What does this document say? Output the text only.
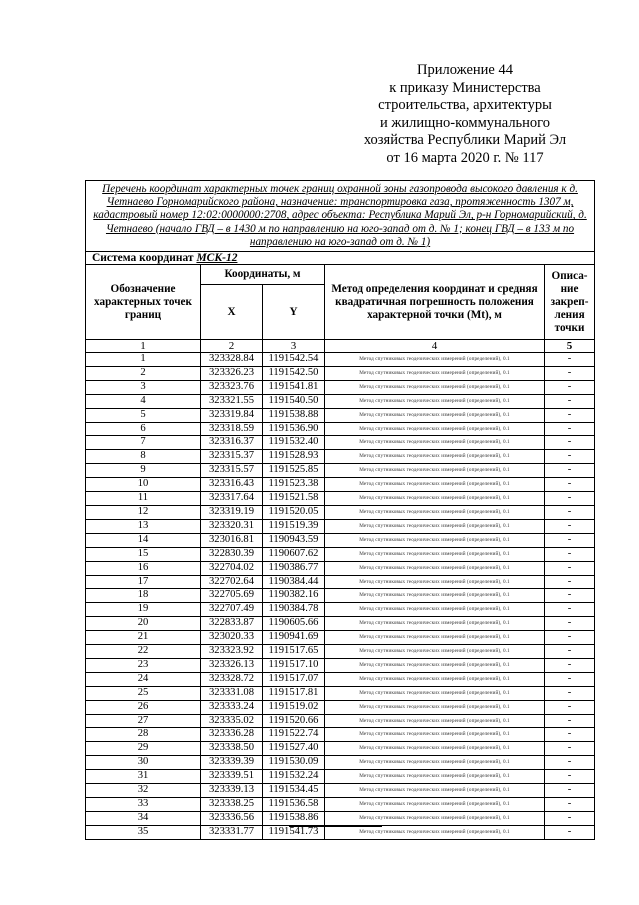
Приложение 44
к приказу Министерства
строительства, архитектуры
и жилищно-коммунального
хозяйства Республики Марий Эл
от 16 марта 2020 г. № 117
Перечень координат характерных точек границ охранной зоны газопровода высокого давления к д. Четнаево Горномарийского района, назначение: транспортировка газа, протяженность 1307 м, кадастровый номер 12:02:0000000:2708, адрес объекта: Республика Марий Эл, р-н Горномарийский, д. Четнаево (начало ГВД – в 1430 м по направлению на юго-запад от д. № 1; конец ГВД – в 133 м по направлению на юго-запад от д. № 1)				
Система координат МСК-12				
Обозначение характерных точек границ	Координаты, м		Метод определения координат и средняя квадратичная погрешность положения характерной точки (Mt), м	Описа-ние закреп-ления точки
	X	Y		
1	2	3	4	5
1	323328.84	1191542.54	Метод спутниковых геодезических измерений (определений), 0.1	-
2	323326.23	1191542.50	Метод спутниковых геодезических измерений (определений), 0.1	-
3	323323.76	1191541.81	Метод спутниковых геодезических измерений (определений), 0.1	-
4	323321.55	1191540.50	Метод спутниковых геодезических измерений (определений), 0.1	-
5	323319.84	1191538.88	Метод спутниковых геодезических измерений (определений), 0.1	-
6	323318.59	1191536.90	Метод спутниковых геодезических измерений (определений), 0.1	-
7	323316.37	1191532.40	Метод спутниковых геодезических измерений (определений), 0.1	-
8	323315.37	1191528.93	Метод спутниковых геодезических измерений (определений), 0.1	-
9	323315.57	1191525.85	Метод спутниковых геодезических измерений (определений), 0.1	-
10	323316.43	1191523.38	Метод спутниковых геодезических измерений (определений), 0.1	-
11	323317.64	1191521.58	Метод спутниковых геодезических измерений (определений), 0.1	-
12	323319.19	1191520.05	Метод спутниковых геодезических измерений (определений), 0.1	-
13	323320.31	1191519.39	Метод спутниковых геодезических измерений (определений), 0.1	-
14	323016.81	1190943.59	Метод спутниковых геодезических измерений (определений), 0.1	-
15	322830.39	1190607.62	Метод спутниковых геодезических измерений (определений), 0.1	-
16	322704.02	1190386.77	Метод спутниковых геодезических измерений (определений), 0.1	-
17	322702.64	1190384.44	Метод спутниковых геодезических измерений (определений), 0.1	-
18	322705.69	1190382.16	Метод спутниковых геодезических измерений (определений), 0.1	-
19	322707.49	1190384.78	Метод спутниковых геодезических измерений (определений), 0.1	-
20	322833.87	1190605.66	Метод спутниковых геодезических измерений (определений), 0.1	-
21	323020.33	1190941.69	Метод спутниковых геодезических измерений (определений), 0.1	-
22	323323.92	1191517.65	Метод спутниковых геодезических измерений (определений), 0.1	-
23	323326.13	1191517.10	Метод спутниковых геодезических измерений (определений), 0.1	-
24	323328.72	1191517.07	Метод спутниковых геодезических измерений (определений), 0.1	-
25	323331.08	1191517.81	Метод спутниковых геодезических измерений (определений), 0.1	-
26	323333.24	1191519.02	Метод спутниковых геодезических измерений (определений), 0.1	-
27	323335.02	1191520.66	Метод спутниковых геодезических измерений (определений), 0.1	-
28	323336.28	1191522.74	Метод спутниковых геодезических измерений (определений), 0.1	-
29	323338.50	1191527.40	Метод спутниковых геодезических измерений (определений), 0.1	-
30	323339.39	1191530.09	Метод спутниковых геодезических измерений (определений), 0.1	-
31	323339.51	1191532.24	Метод спутниковых геодезических измерений (определений), 0.1	-
32	323339.13	1191534.45	Метод спутниковых геодезических измерений (определений), 0.1	-
33	323338.25	1191536.58	Метод спутниковых геодезических измерений (определений), 0.1	-
34	323336.56	1191538.86	Метод спутниковых геодезических измерений (определений), 0.1	-
35	323331.77	1191541.73	Метод спутниковых геодезических измерений (определений), 0.1	-
